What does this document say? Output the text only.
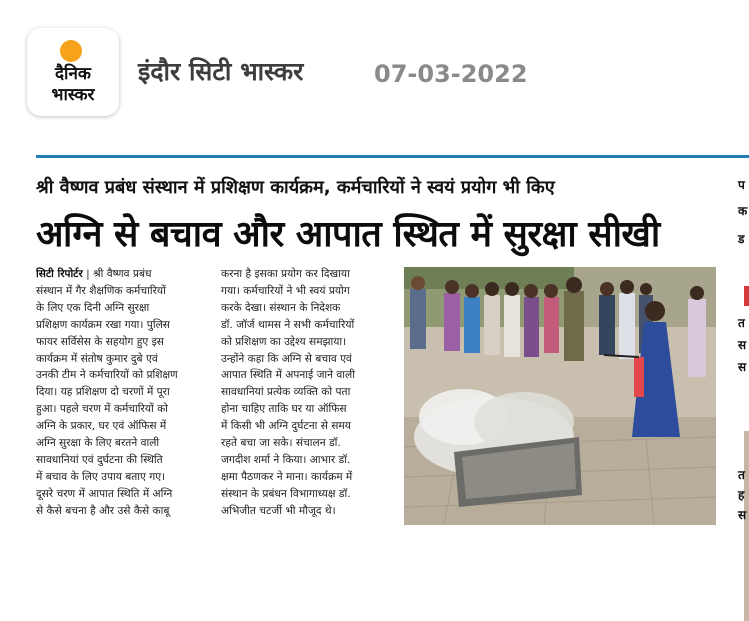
दैनिक
भास्कर
इंदौर सिटी भास्कर	07-03-2022
श्री वैष्णव प्रबंध संस्थान में प्रशिक्षण कार्यक्रम, कर्मचारियों ने स्वयं प्रयोग भी किए
अग्नि से बचाव और आपात स्थित में सुरक्षा सीखी
सिटी रिपोर्टर | श्री वैष्णव प्रबंध
संस्थान में गैर शैक्षणिक कर्मचारियों
के लिए एक दिनी अग्नि सुरक्षा
प्रशिक्षण कार्यक्रम रखा गया। पुलिस
फायर सर्विसेस के सहयोग हुए इस
कार्यक्रम में संतोष कुमार दुबे एवं
उनकी टीम ने कर्मचारियों को प्रशिक्षण
दिया। यह प्रशिक्षण दो चरणों में पूरा
हुआ। पहले चरण में कर्मचारियों को
अग्नि के प्रकार, घर एवं ऑफिस में
अग्नि सुरक्षा के लिए बरतने वाली
सावधानियां एवं दुर्घटना की स्थिति
में बचाव के लिए उपाय बताए गए।
दूसरे चरण में आपात स्थिति में अग्नि
से कैसे बचना है और उसे कैसे काबू
करना है इसका प्रयोग कर दिखाया
गया। कर्मचारियों ने भी स्वयं प्रयोग
करके देखा। संस्थान के निदेशक
डॉ. जॉर्ज थामस ने सभी कर्मचारियों
को प्रशिक्षण का उद्देश्य समझाया।
उन्होंने कहा कि अग्नि से बचाव एवं
आपात स्थिति में अपनाई जाने वाली
सावधानियां प्रत्येक व्यक्ति को पता
होना चाहिए ताकि घर या ऑफिस
में किसी भी अग्नि दुर्घटना से समय
रहते बचा जा सके। संचालन डॉ.
जगदीश शर्मा ने किया। आभार डॉ.
क्षमा पैठणकर ने माना। कार्यक्रम में
संस्थान के प्रबंधन विभागाध्यक्ष डॉ.
अभिजीत चटर्जी भी मौजूद थे।
प
क
ड
त
स
स
त
ह
स
